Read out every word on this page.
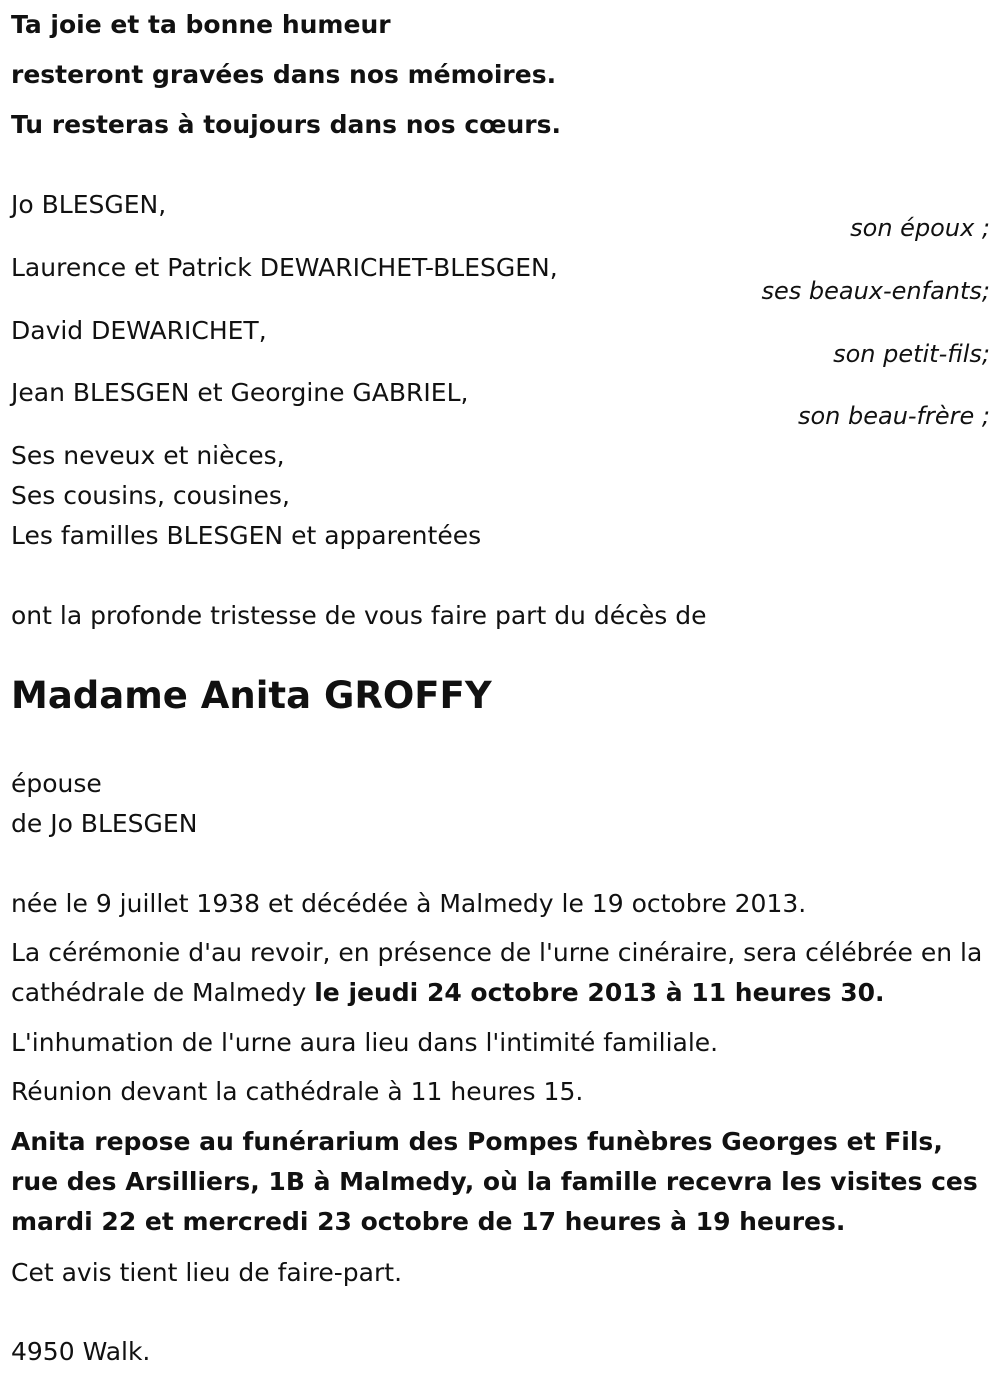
Ta joie et ta bonne humeur
resteront gravées dans nos mémoires.
Tu resteras à toujours dans nos cœurs.
Jo BLESGEN,
son époux ;
Laurence et Patrick DEWARICHET-BLESGEN,
ses beaux-enfants;
David DEWARICHET,
son petit-fils;
Jean BLESGEN et Georgine GABRIEL,
son beau-frère ;
Ses neveux et nièces,
Ses cousins, cousines,
Les familles BLESGEN et apparentées
ont la profonde tristesse de vous faire part du décès de
Madame Anita GROFFY
épouse
de Jo BLESGEN
née le 9 juillet 1938 et décédée à Malmedy le 19 octobre 2013.
La cérémonie d'au revoir, en présence de l'urne cinéraire, sera célébrée en la cathédrale de Malmedy le jeudi 24 octobre 2013 à 11 heures 30.
L'inhumation de l'urne aura lieu dans l'intimité familiale.
Réunion devant la cathédrale à 11 heures 15.
Anita repose au funérarium des Pompes funèbres Georges et Fils, rue des Arsilliers, 1B à Malmedy, où la famille recevra les visites ces mardi 22 et mercredi 23 octobre de 17 heures à 19 heures.
Cet avis tient lieu de faire-part.
4950 Walk.
